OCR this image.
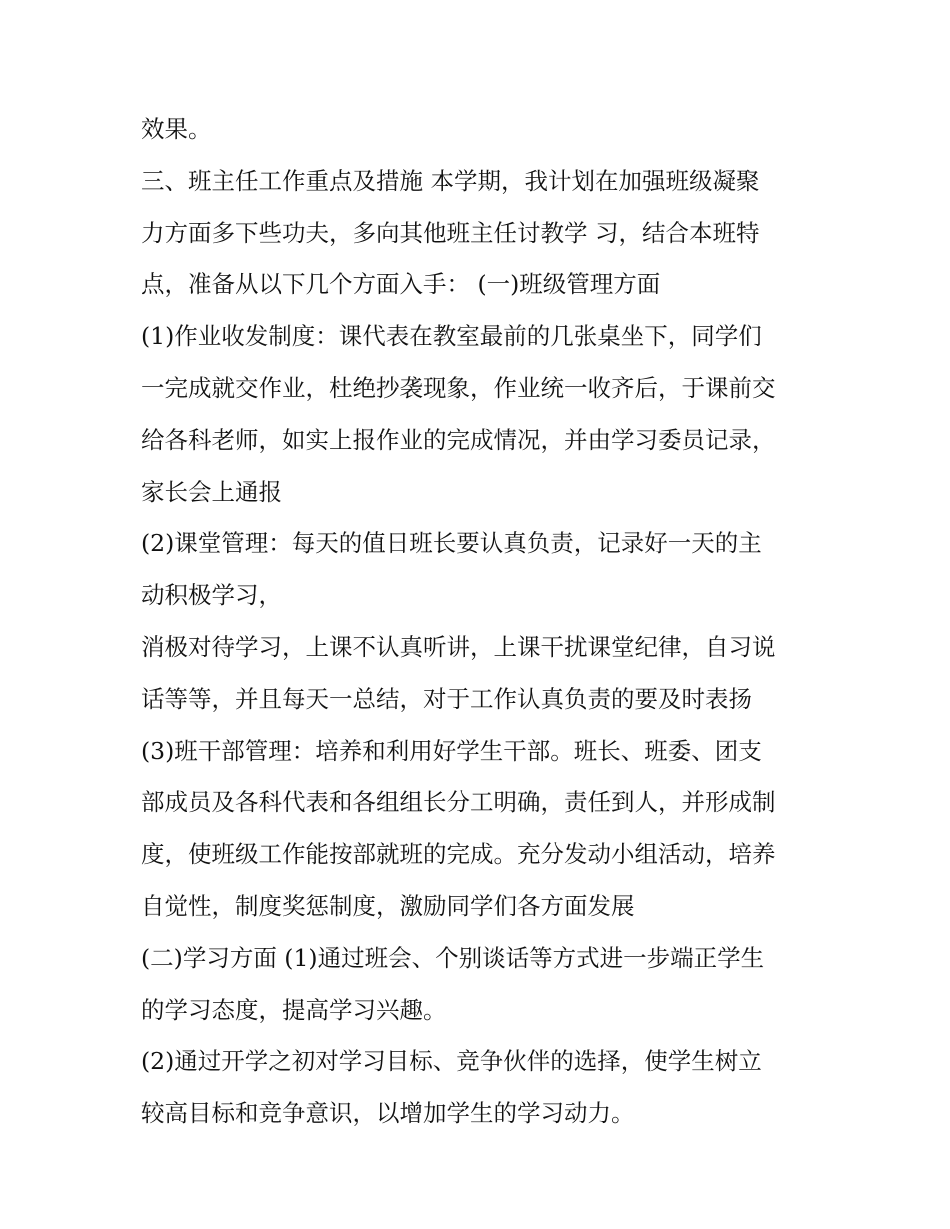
效果。
三、班主任工作重点及措施 本学期，我计划在加强班级凝聚
力方面多下些功夫，多向其他班主任讨教学 习，结合本班特
点，准备从以下几个方面入手： (一)班级管理方面
(1)作业收发制度：课代表在教室最前的几张桌坐下，同学们
一完成就交作业，杜绝抄袭现象，作业统一收齐后，于课前交
给各科老师，如实上报作业的完成情况，并由学习委员记录，
家长会上通报
(2)课堂管理：每天的值日班长要认真负责，记录好一天的主
动积极学习，
消极对待学习，上课不认真听讲，上课干扰课堂纪律，自习说
话等等，并且每天一总结，对于工作认真负责的要及时表扬
(3)班干部管理：培养和利用好学生干部。班长、班委、团支
部成员及各科代表和各组组长分工明确，责任到人，并形成制
度，使班级工作能按部就班的完成。充分发动小组活动，培养
自觉性，制度奖惩制度，激励同学们各方面发展
(二)学习方面 (1)通过班会、个别谈话等方式进一步端正学生
的学习态度，提高学习兴趣。
(2)通过开学之初对学习目标、竞争伙伴的选择，使学生树立
较高目标和竞争意识，以增加学生的学习动力。
